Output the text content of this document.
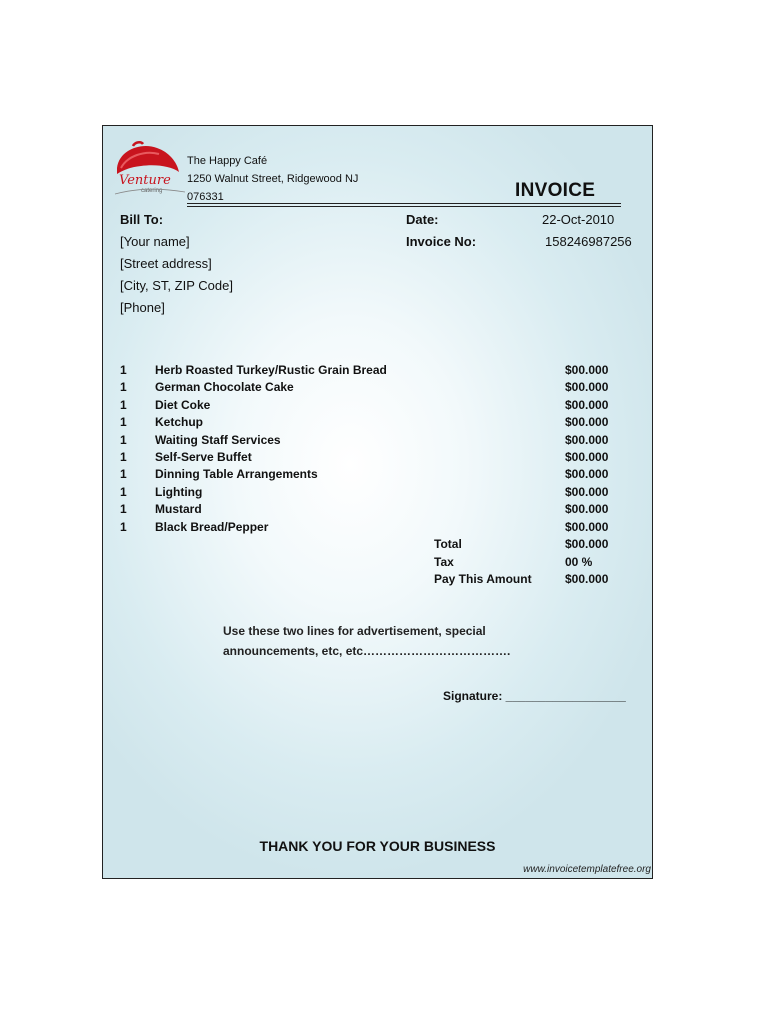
Venture
catering
The Happy Café
1250 Walnut Street, Ridgewood NJ
076331	INVOICE
Bill To:
[Your name]
[Street address]
[City, ST, ZIP Code]
[Phone]
Date:	22-Oct-2010
Invoice No:	158246987256
1 Herb Roasted Turkey/Rustic Grain Bread	$00.000
1 German Chocolate Cake	$00.000
1 Diet Coke	$00.000
1 Ketchup	$00.000
1 Waiting Staff Services	$00.000
1 Self-Serve Buffet	$00.000
1 Dinning Table Arrangements	$00.000
1 Lighting	$00.000
1 Mustard	$00.000
1 Black Bread/Pepper	$00.000
Total	$00.000
Tax	00 %
Pay This Amount	$00.000
Use these two lines for advertisement, special
announcements, etc, etc……………………………….
Signature: __________________
THANK YOU FOR YOUR BUSINESS
www.invoicetemplatefree.org
